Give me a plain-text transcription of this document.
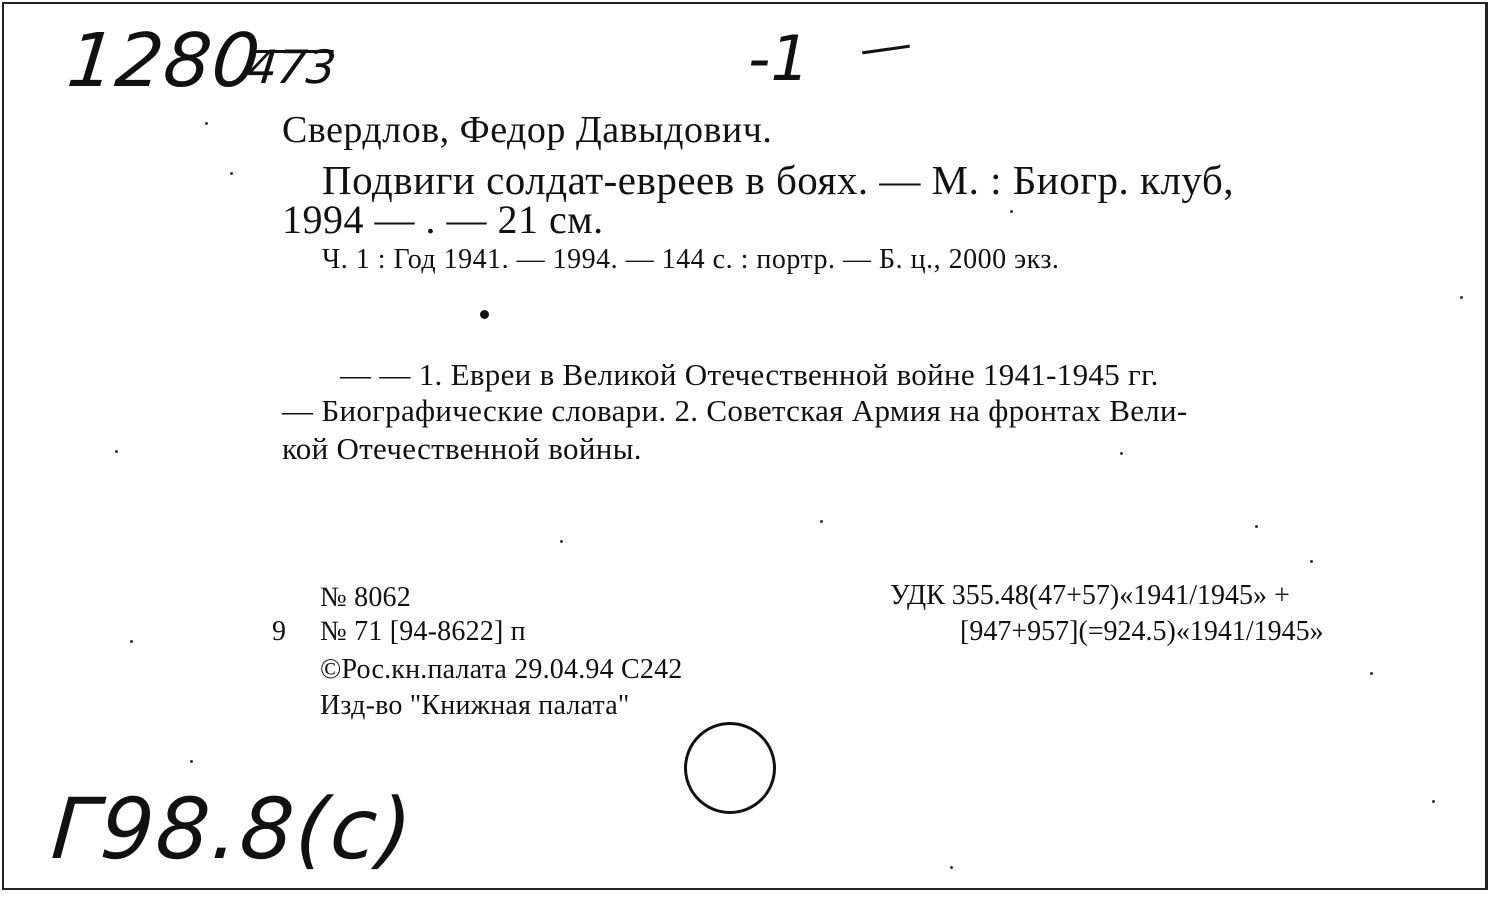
1280
473	-1
Свердлов, Федор Давыдович.
Подвиги солдат-евреев в боях. — М. : Биогр. клуб,
1994 — . — 21 см.
Ч. 1 : Год 1941. — 1994. — 144 с. : портр. — Б. ц., 2000 экз.
— — 1. Евреи в Великой Отечественной войне 1941-1945 гг.
— Биографические словари. 2. Советская Армия на фронтах Вели-
кой Отечественной войны.
№ 8062
9 № 71 [94-8622] п
©Рос.кн.палата 29.04.94 С242
Изд-во "Книжная палата"
УДК 355.48(47+57)«1941/1945» +
[947+957](=924.5)«1941/1945»
Г98.8(с)
